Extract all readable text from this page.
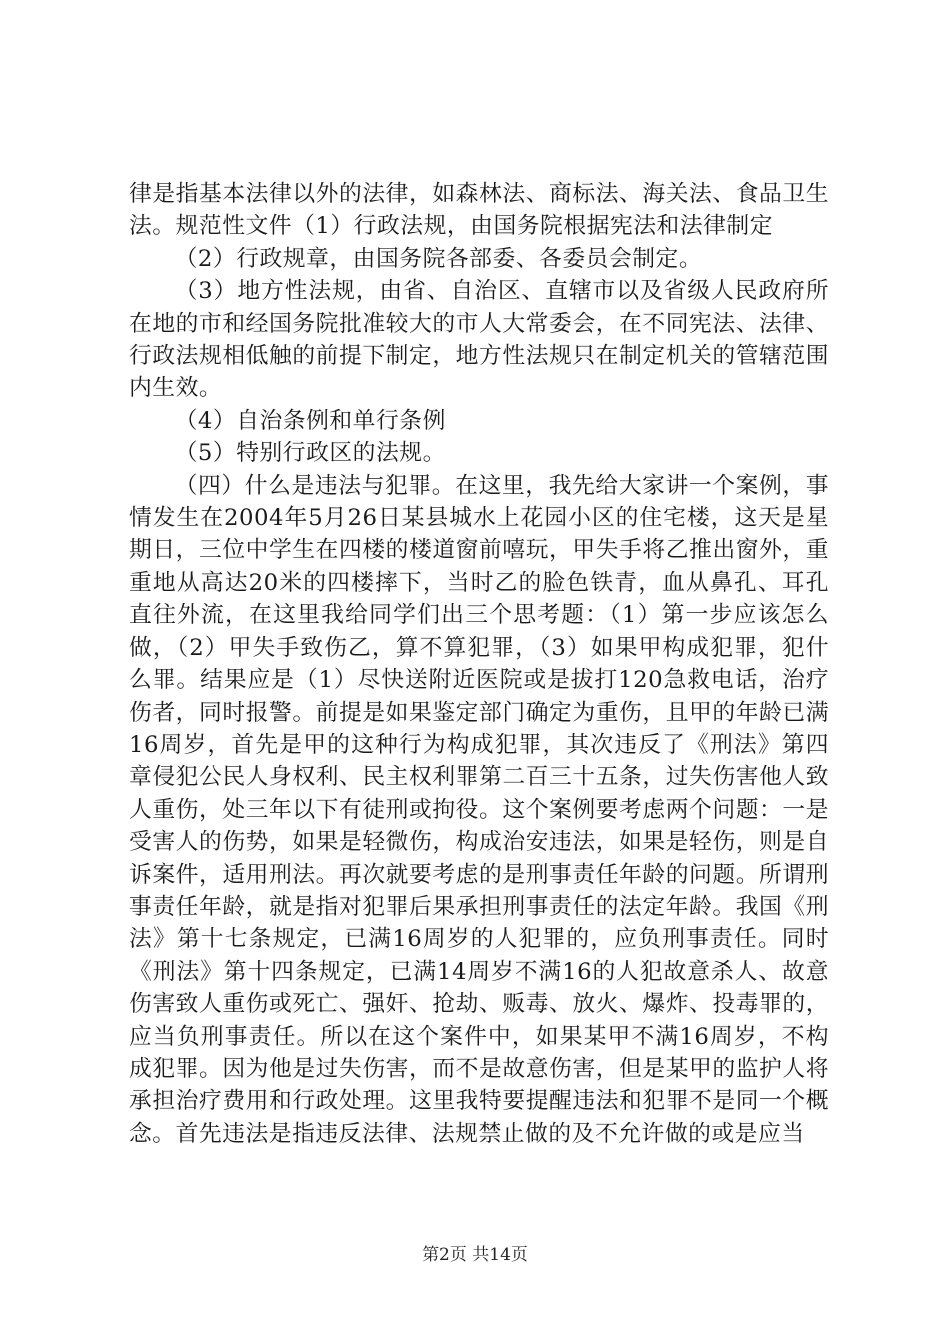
律是指基本法律以外的法律，如森林法、商标法、海关法、食品卫生法。规范性文件（1）行政法规，由国务院根据宪法和法律制定

（2）行政规章，由国务院各部委、各委员会制定。

（3）地方性法规，由省、自治区、直辖市以及省级人民政府所在地的市和经国务院批准较大的市人大常委会，在不同宪法、法律、行政法规相低触的前提下制定，地方性法规只在制定机关的管辖范围内生效。

（4）自治条例和单行条例

（5）特别行政区的法规。

（四）什么是违法与犯罪。在这里，我先给大家讲一个案例，事情发生在2004年5月26日某县城水上花园小区的住宅楼，这天是星期日，三位中学生在四楼的楼道窗前嘻玩，甲失手将乙推出窗外，重重地从高达20米的四楼摔下，当时乙的脸色铁青，血从鼻孔、耳孔直往外流，在这里我给同学们出三个思考题：（1）第一步应该怎么做，（2）甲失手致伤乙，算不算犯罪，（3）如果甲构成犯罪，犯什么罪。结果应是（1）尽快送附近医院或是拔打120急救电话，治疗伤者，同时报警。前提是如果鉴定部门确定为重伤，且甲的年龄已满16周岁，首先是甲的这种行为构成犯罪，其次违反了《刑法》第四章侵犯公民人身权利、民主权利罪第二百三十五条，过失伤害他人致人重伤，处三年以下有徒刑或拘役。这个案例要考虑两个问题：一是受害人的伤势，如果是轻微伤，构成治安违法，如果是轻伤，则是自诉案件，适用刑法。再次就要考虑的是刑事责任年龄的问题。所谓刑事责任年龄，就是指对犯罪后果承担刑事责任的法定年龄。我国《刑法》第十七条规定，已满16周岁的人犯罪的，应负刑事责任。同时《刑法》第十四条规定，已满14周岁不满16的人犯故意杀人、故意伤害致人重伤或死亡、强奸、抢劫、贩毒、放火、爆炸、投毒罪的，应当负刑事责任。所以在这个案件中，如果某甲不满16周岁，不构成犯罪。因为他是过失伤害，而不是故意伤害，但是某甲的监护人将承担治疗费用和行政处理。这里我特要提醒违法和犯罪不是同一个概念。首先违法是指违反法律、法规禁止做的及不允许做的或是应当

第2页 共14页
